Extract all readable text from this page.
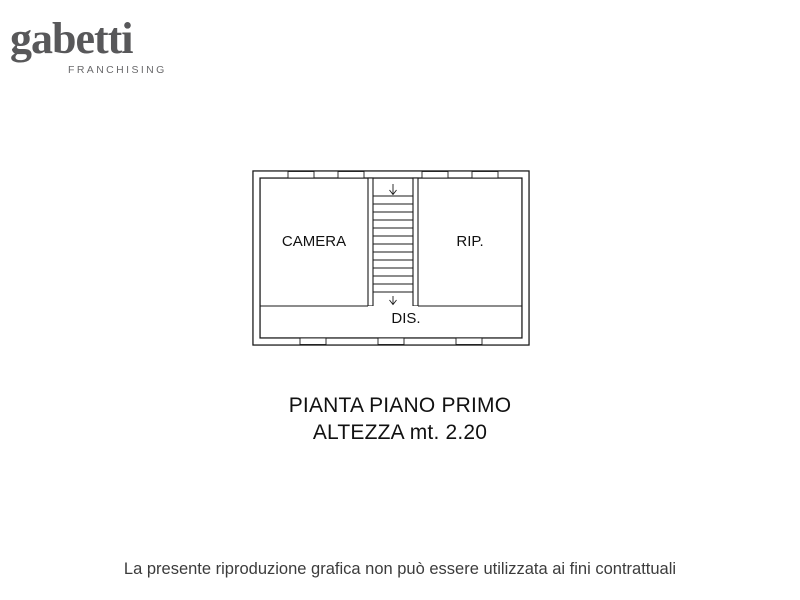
gabetti
FRANCHISING
CAMERA	RIP.
DIS.
PIANTA PIANO PRIMO
ALTEZZA mt. 2.20
La presente riproduzione grafica non può essere utilizzata ai fini contrattuali
